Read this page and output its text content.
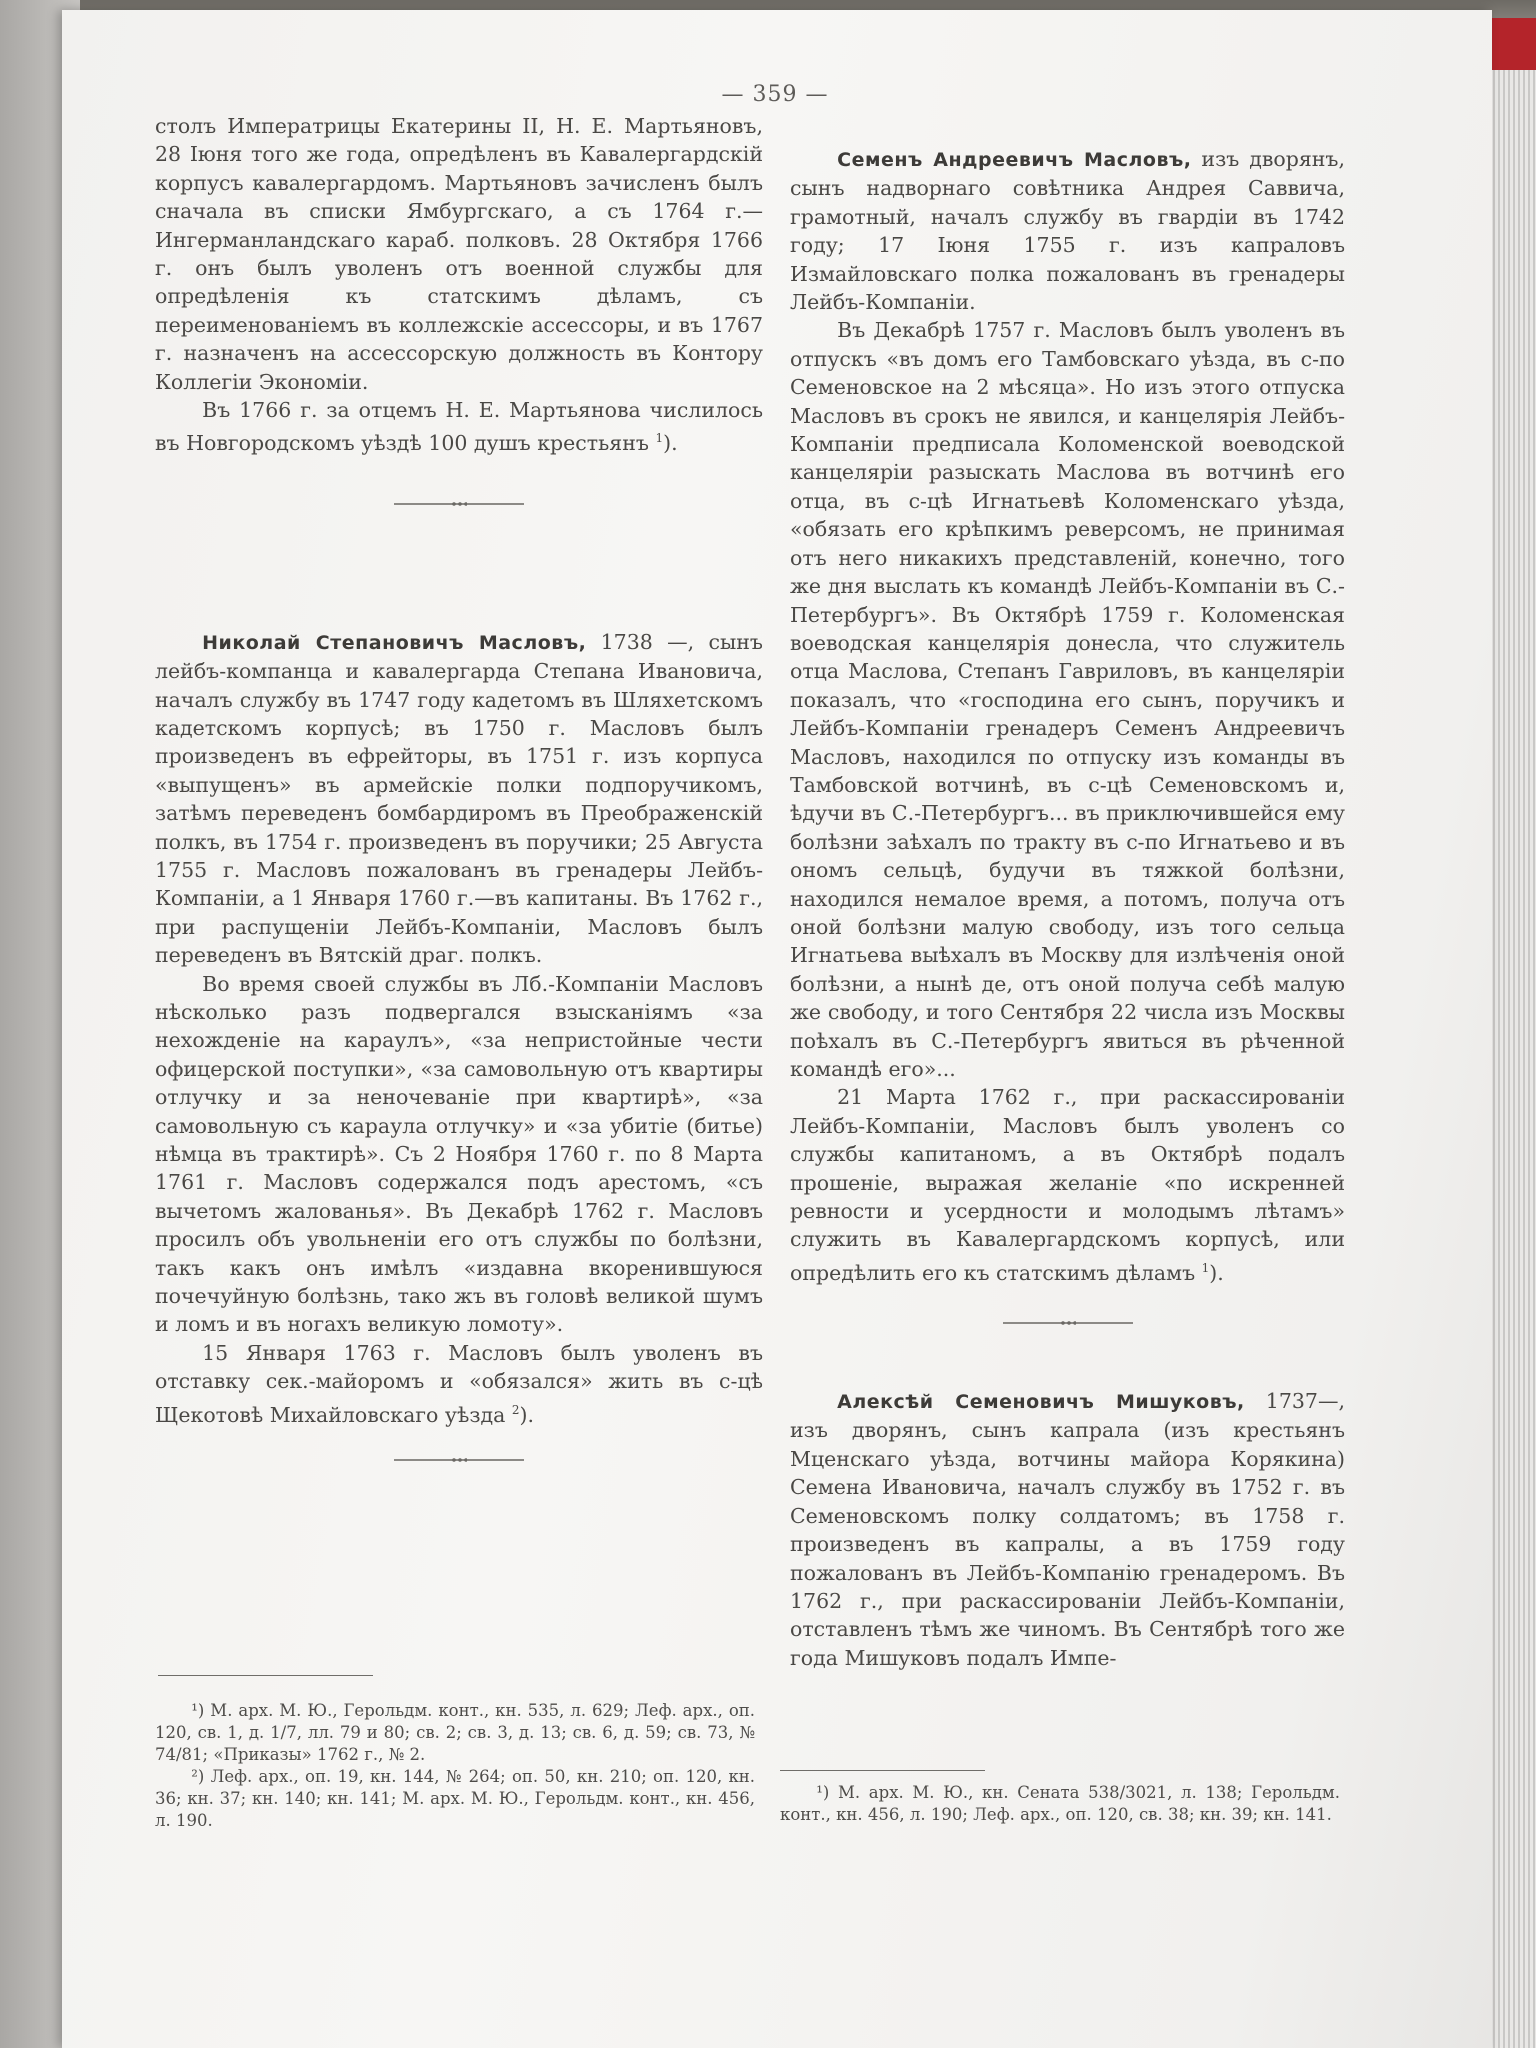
— 359 —

столъ Императрицы Екатерины II, Н. Е. Мартьяновъ, 28 Іюня того же года, опредѣленъ въ Кавалергардскій корпусъ кавалергардомъ. Мартьяновъ зачисленъ былъ сначала въ списки Ямбургскаго, а съ 1764 г.—Ингерманландскаго караб. полковъ. 28 Октября 1766 г. онъ былъ уволенъ отъ военной службы для опредѣленія къ статскимъ дѣламъ, съ переименованіемъ въ коллежскіе ассессоры, и въ 1767 г. назначенъ на ассессорскую должность въ Контору Коллегіи Экономіи.

Въ 1766 г. за отцемъ Н. Е. Мартьянова числилось въ Новгородскомъ уѣздѣ 100 душъ крестьянъ $^1$).

Николай Степановичъ Масловъ, 1738 —, сынъ лейбъ-компанца и кавалергарда Степана Ивановича, началъ службу въ 1747 году кадетомъ въ Шляхетскомъ кадетскомъ корпусѣ; въ 1750 г. Масловъ былъ произведенъ въ ефрейторы, въ 1751 г. изъ корпуса «выпущенъ» въ армейскіе полки подпоручикомъ, затѣмъ переведенъ бомбардиромъ въ Преображенскій полкъ, въ 1754 г. произведенъ въ поручики; 25 Августа 1755 г. Масловъ пожалованъ въ гренадеры Лейбъ-Компаніи, а 1 Января 1760 г.—въ капитаны. Въ 1762 г., при распущеніи Лейбъ-Компаніи, Масловъ былъ переведенъ въ Вятскій драг. полкъ.

Во время своей службы въ Лб.-Компаніи Масловъ нѣсколько разъ подвергался взысканіямъ «за нехожденіе на караулъ», «за непристойные чести офицерской поступки», «за самовольную отъ квартиры отлучку и за неночеваніе при квартирѣ», «за самовольную съ караула отлучку» и «за убитіе (битье) нѣмца въ трактирѣ». Съ 2 Ноября 1760 г. по 8 Марта 1761 г. Масловъ содержался подъ арестомъ, «съ вычетомъ жалованья». Въ Декабрѣ 1762 г. Масловъ просилъ объ увольненіи его отъ службы по болѣзни, такъ какъ онъ имѣлъ «издавна вкоренившуюся почечуйную болѣзнь, тако жъ въ головѣ великой шумъ и ломъ и въ ногахъ великую ломоту».

15 Января 1763 г. Масловъ былъ уволенъ въ отставку сек.-майоромъ и «обязался» жить въ с-цѣ Щекотовѣ Михайловскаго уѣзда $^2$).

Семенъ Андреевичъ Масловъ, изъ дворянъ, сынъ надворнаго совѣтника Андрея Саввича, грамотный, началъ службу въ гвардіи въ 1742 году; 17 Іюня 1755 г. изъ капраловъ Измайловскаго полка пожалованъ въ гренадеры Лейбъ-Компаніи.

Въ Декабрѣ 1757 г. Масловъ былъ уволенъ въ отпускъ «въ домъ его Тамбовскаго уѣзда, въ с-по Семеновское на 2 мѣсяца». Но изъ этого отпуска Масловъ въ срокъ не явился, и канцелярія Лейбъ-Компаніи предписала Коломенской воеводской канцеляріи разыскать Маслова въ вотчинѣ его отца, въ с-цѣ Игнатьевѣ Коломенскаго уѣзда, «обязать его крѣпкимъ реверсомъ, не принимая отъ него никакихъ представленій, конечно, того же дня выслать къ командѣ Лейбъ-Компаніи въ С.-Петербургъ». Въ Октябрѣ 1759 г. Коломенская воеводская канцелярія донесла, что служитель отца Маслова, Степанъ Гавриловъ, въ канцеляріи показалъ, что «господина его сынъ, поручикъ и Лейбъ-Компаніи гренадеръ Семенъ Андреевичъ Масловъ, находился по отпуску изъ команды въ Тамбовской вотчинѣ, въ с-цѣ Семеновскомъ и, ѣдучи въ С.-Петербургъ... въ приключившейся ему болѣзни заѣхалъ по тракту въ с-по Игнатьево и въ ономъ сельцѣ, будучи въ тяжкой болѣзни, находился немалое время, а потомъ, получа отъ оной болѣзни малую свободу, изъ того сельца Игнатьева выѣхалъ въ Москву для излѣченія оной болѣзни, а нынѣ де, отъ оной получа себѣ малую же свободу, и того Сентября 22 числа изъ Москвы поѣхалъ въ С.-Петербургъ явиться въ рѣченной командѣ его»...

21 Марта 1762 г., при раскассированіи Лейбъ-Компаніи, Масловъ былъ уволенъ со службы капитаномъ, а въ Октябрѣ подалъ прошеніе, выражая желаніе «по искренней ревности и усердности и молодымъ лѣтамъ» служить въ Кавалергардскомъ корпусѣ, или опредѣлить его къ статскимъ дѣламъ $^1$).

Алексѣй Семеновичъ Мишуковъ, 1737—, изъ дворянъ, сынъ капрала (изъ крестьянъ Мценскаго уѣзда, вотчины майора Корякина) Семена Ивановича, началъ службу въ 1752 г. въ Семеновскомъ полку солдатомъ; въ 1758 г. произведенъ въ капралы, а въ 1759 году пожалованъ въ Лейбъ-Компанію гренадеромъ. Въ 1762 г., при раскассированіи Лейбъ-Компаніи, отставленъ тѣмъ же чиномъ. Въ Сентябрѣ того же года Мишуковъ подалъ Импе-

¹) М. арх. М. Ю., Герольдм. конт., кн. 535, л. 629; Леф. арх., оп. 120, св. 1, д. 1/7, лл. 79 и 80; св. 2; св. 3, д. 13; св. 6, д. 59; св. 73, № 74/81; «Приказы» 1762 г., № 2.

²) Леф. арх., оп. 19, кн. 144, № 264; оп. 50, кн. 210; оп. 120, кн. 36; кн. 37; кн. 140; кн. 141; М. арх. М. Ю., Герольдм. конт., кн. 456, л. 190.

¹) М. арх. М. Ю., кн. Сената 538/3021, л. 138; Герольдм. конт., кн. 456, л. 190; Леф. арх., оп. 120, св. 38; кн. 39; кн. 141.
